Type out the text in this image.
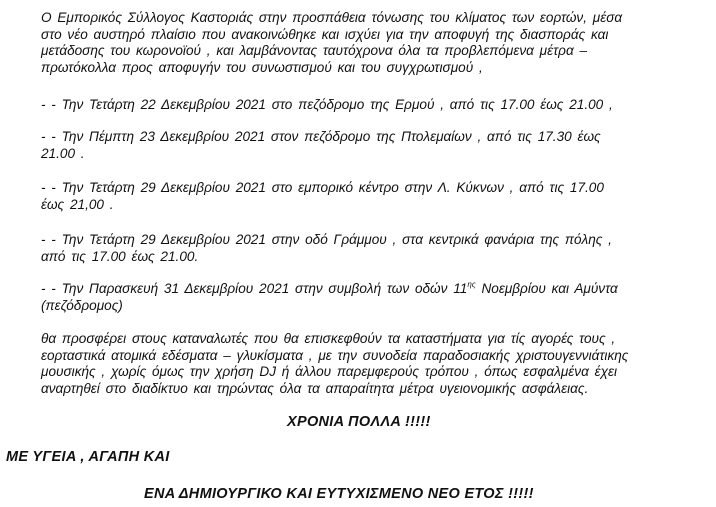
Ο Εμπορικός Σύλλογος Καστοριάς στην προσπάθεια τόνωσης του κλίματος των εορτών, μέσα
στο νέο αυστηρό πλαίσιο που ανακοινώθηκε και ισχύει για την αποφυγή της διασποράς και
μετάδοσης του κωρονοϊού , και λαμβάνοντας ταυτόχρονα όλα τα προβλεπόμενα μέτρα –
πρωτόκολλα προς αποφυγήν του συνωστισμού και του συγχρωτισμού ,
- - Την Τετάρτη 22 Δεκεμβρίου 2021 στο πεζόδρομο της Ερμού , από τις 17.00 έως 21.00 ,
- - Την Πέμπτη 23 Δεκεμβρίου 2021 στον πεζόδρομο της Πτολεμαίων , από τις 17.30 έως
21.00 .
- - Την Τετάρτη 29 Δεκεμβρίου 2021 στο εμπορικό κέντρο στην Λ. Κύκνων , από τις 17.00
έως 21,00 .
- - Την Τετάρτη 29 Δεκεμβρίου 2021 στην οδό Γράμμου , στα κεντρικά φανάρια της πόλης ,
από τις 17.00 έως 21.00.
- - Την Παρασκευή 31 Δεκεμβρίου 2021 στην συμβολή των οδών $11^{\eta\varsigma}$ Νοεμβρίου και Αμύντα
(πεζόδρομος)
θα προσφέρει στους καταναλωτές που θα επισκεφθούν τα καταστήματα για τίς αγορές τους ,
εορταστικά ατομικά εδέσματα – γλυκίσματα , με την συνοδεία παραδοσιακής χριστουγεννιάτικης
μουσικής , χωρίς όμως την χρήση DJ ή άλλου παρεμφερούς τρόπου , όπως εσφαλμένα έχει
αναρτηθεί στο διαδίκτυο και τηρώντας όλα τα απαραίτητα μέτρα υγειονομικής ασφάλειας.
ΧΡΟΝΙΑ ΠΟΛΛΑ !!!!!
ΜΕ ΥΓΕΙΑ , ΑΓΑΠΗ ΚΑΙ
ΕΝΑ ΔΗΜΙΟΥΡΓΙΚΟ ΚΑΙ ΕΥΤΥΧΙΣΜΕΝΟ ΝΕΟ ΕΤΟΣ !!!!!
